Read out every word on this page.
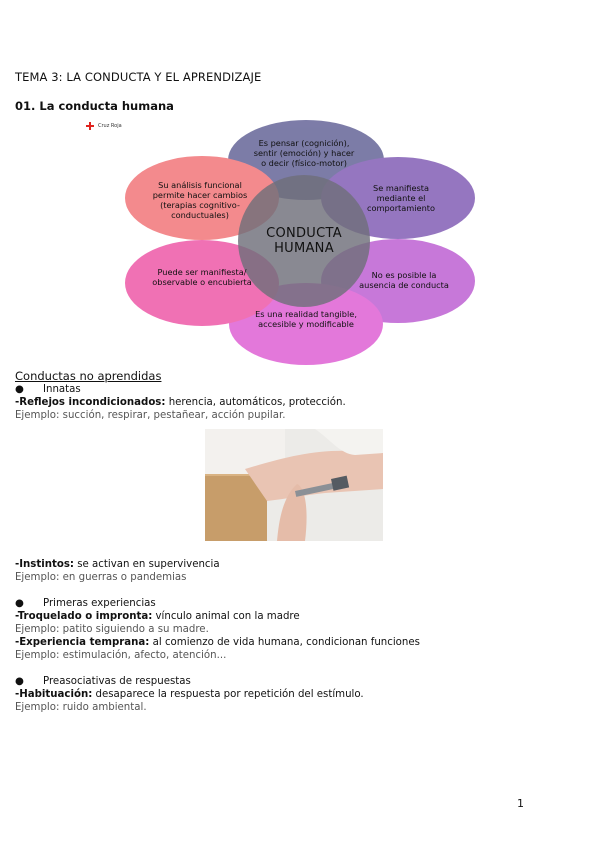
TEMA 3: LA CONDUCTA Y EL APRENDIZAJE
01. La conducta humana
Cruz Roja
CONDUCTA
HUMANA
Es pensar (cognición), sentir (emoción) y hacer o decir (físico-motor)
Se manifiesta mediante el comportamiento
No es posible la ausencia de conducta
Es una realidad tangible, accesible y modificable
Puede ser manifiesta/ observable o encubierta
Su análisis funcional permite hacer cambios (terapias cognitivo-conductuales)
Conductas no aprendidas
●	Innatas
-Reflejos incondicionados: herencia, automáticos, protección.
Ejemplo: succión, respirar, pestañear, acción pupilar.
-Instintos: se activan en supervivencia
Ejemplo: en guerras o pandemias
●	Primeras experiencias
-Troquelado o impronta: vínculo animal con la madre
Ejemplo: patito siguiendo a su madre.
-Experiencia temprana: al comienzo de vida humana, condicionan funciones
Ejemplo: estimulación, afecto, atención...
●	Preasociativas de respuestas
-Habituación: desaparece la respuesta por repetición del estímulo.
Ejemplo: ruido ambiental.
1
